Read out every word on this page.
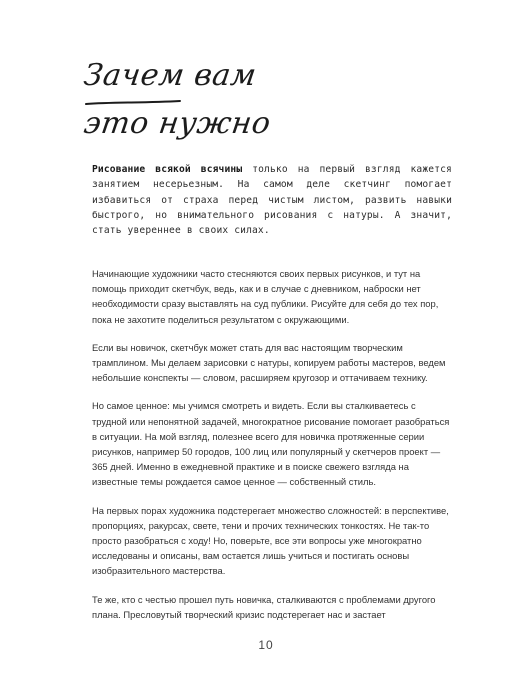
Зачем вам
это нужно

Рисование всякой всячины только на первый взгляд кажется занятием несерьезным. На самом деле скетчинг помогает избавиться от страха перед чистым листом, развить навыки быстрого, но внимательного рисования с натуры. А значит, стать увереннее в своих силах.

Начинающие художники часто стесняются своих первых рисунков, и тут на помощь приходит скетчбук, ведь, как и в случае с дневником, наброски нет необходимости сразу выставлять на суд публики. Рисуйте для себя до тех пор, пока не захотите поделиться результатом с окружающими.

Если вы новичок, скетчбук может стать для вас настоящим творческим трамплином. Мы делаем зарисовки с натуры, копируем работы мастеров, ведем небольшие конспекты — словом, расширяем кругозор и оттачиваем технику.

Но самое ценное: мы учимся смотреть и видеть. Если вы сталкиваетесь с трудной или непонятной задачей, многократное рисование помогает разобраться в ситуации. На мой взгляд, полезнее всего для новичка протяженные серии рисунков, например 50 городов, 100 лиц или популярный у скетчеров проект — 365 дней. Именно в ежедневной практике и в поиске свежего взгляда на известные темы рождается самое ценное — собственный стиль.

На первых порах художника подстерегает множество сложностей: в перспективе, пропорциях, ракурсах, свете, тени и прочих технических тонкостях. Не так-то просто разобраться с ходу! Но, поверьте, все эти вопросы уже многократно исследованы и описаны, вам остается лишь учиться и постигать основы изобразительного мастерства.

Те же, кто с честью прошел путь новичка, сталкиваются с проблемами другого плана. Пресловутый творческий кризис подстерегает нас и застает

10
